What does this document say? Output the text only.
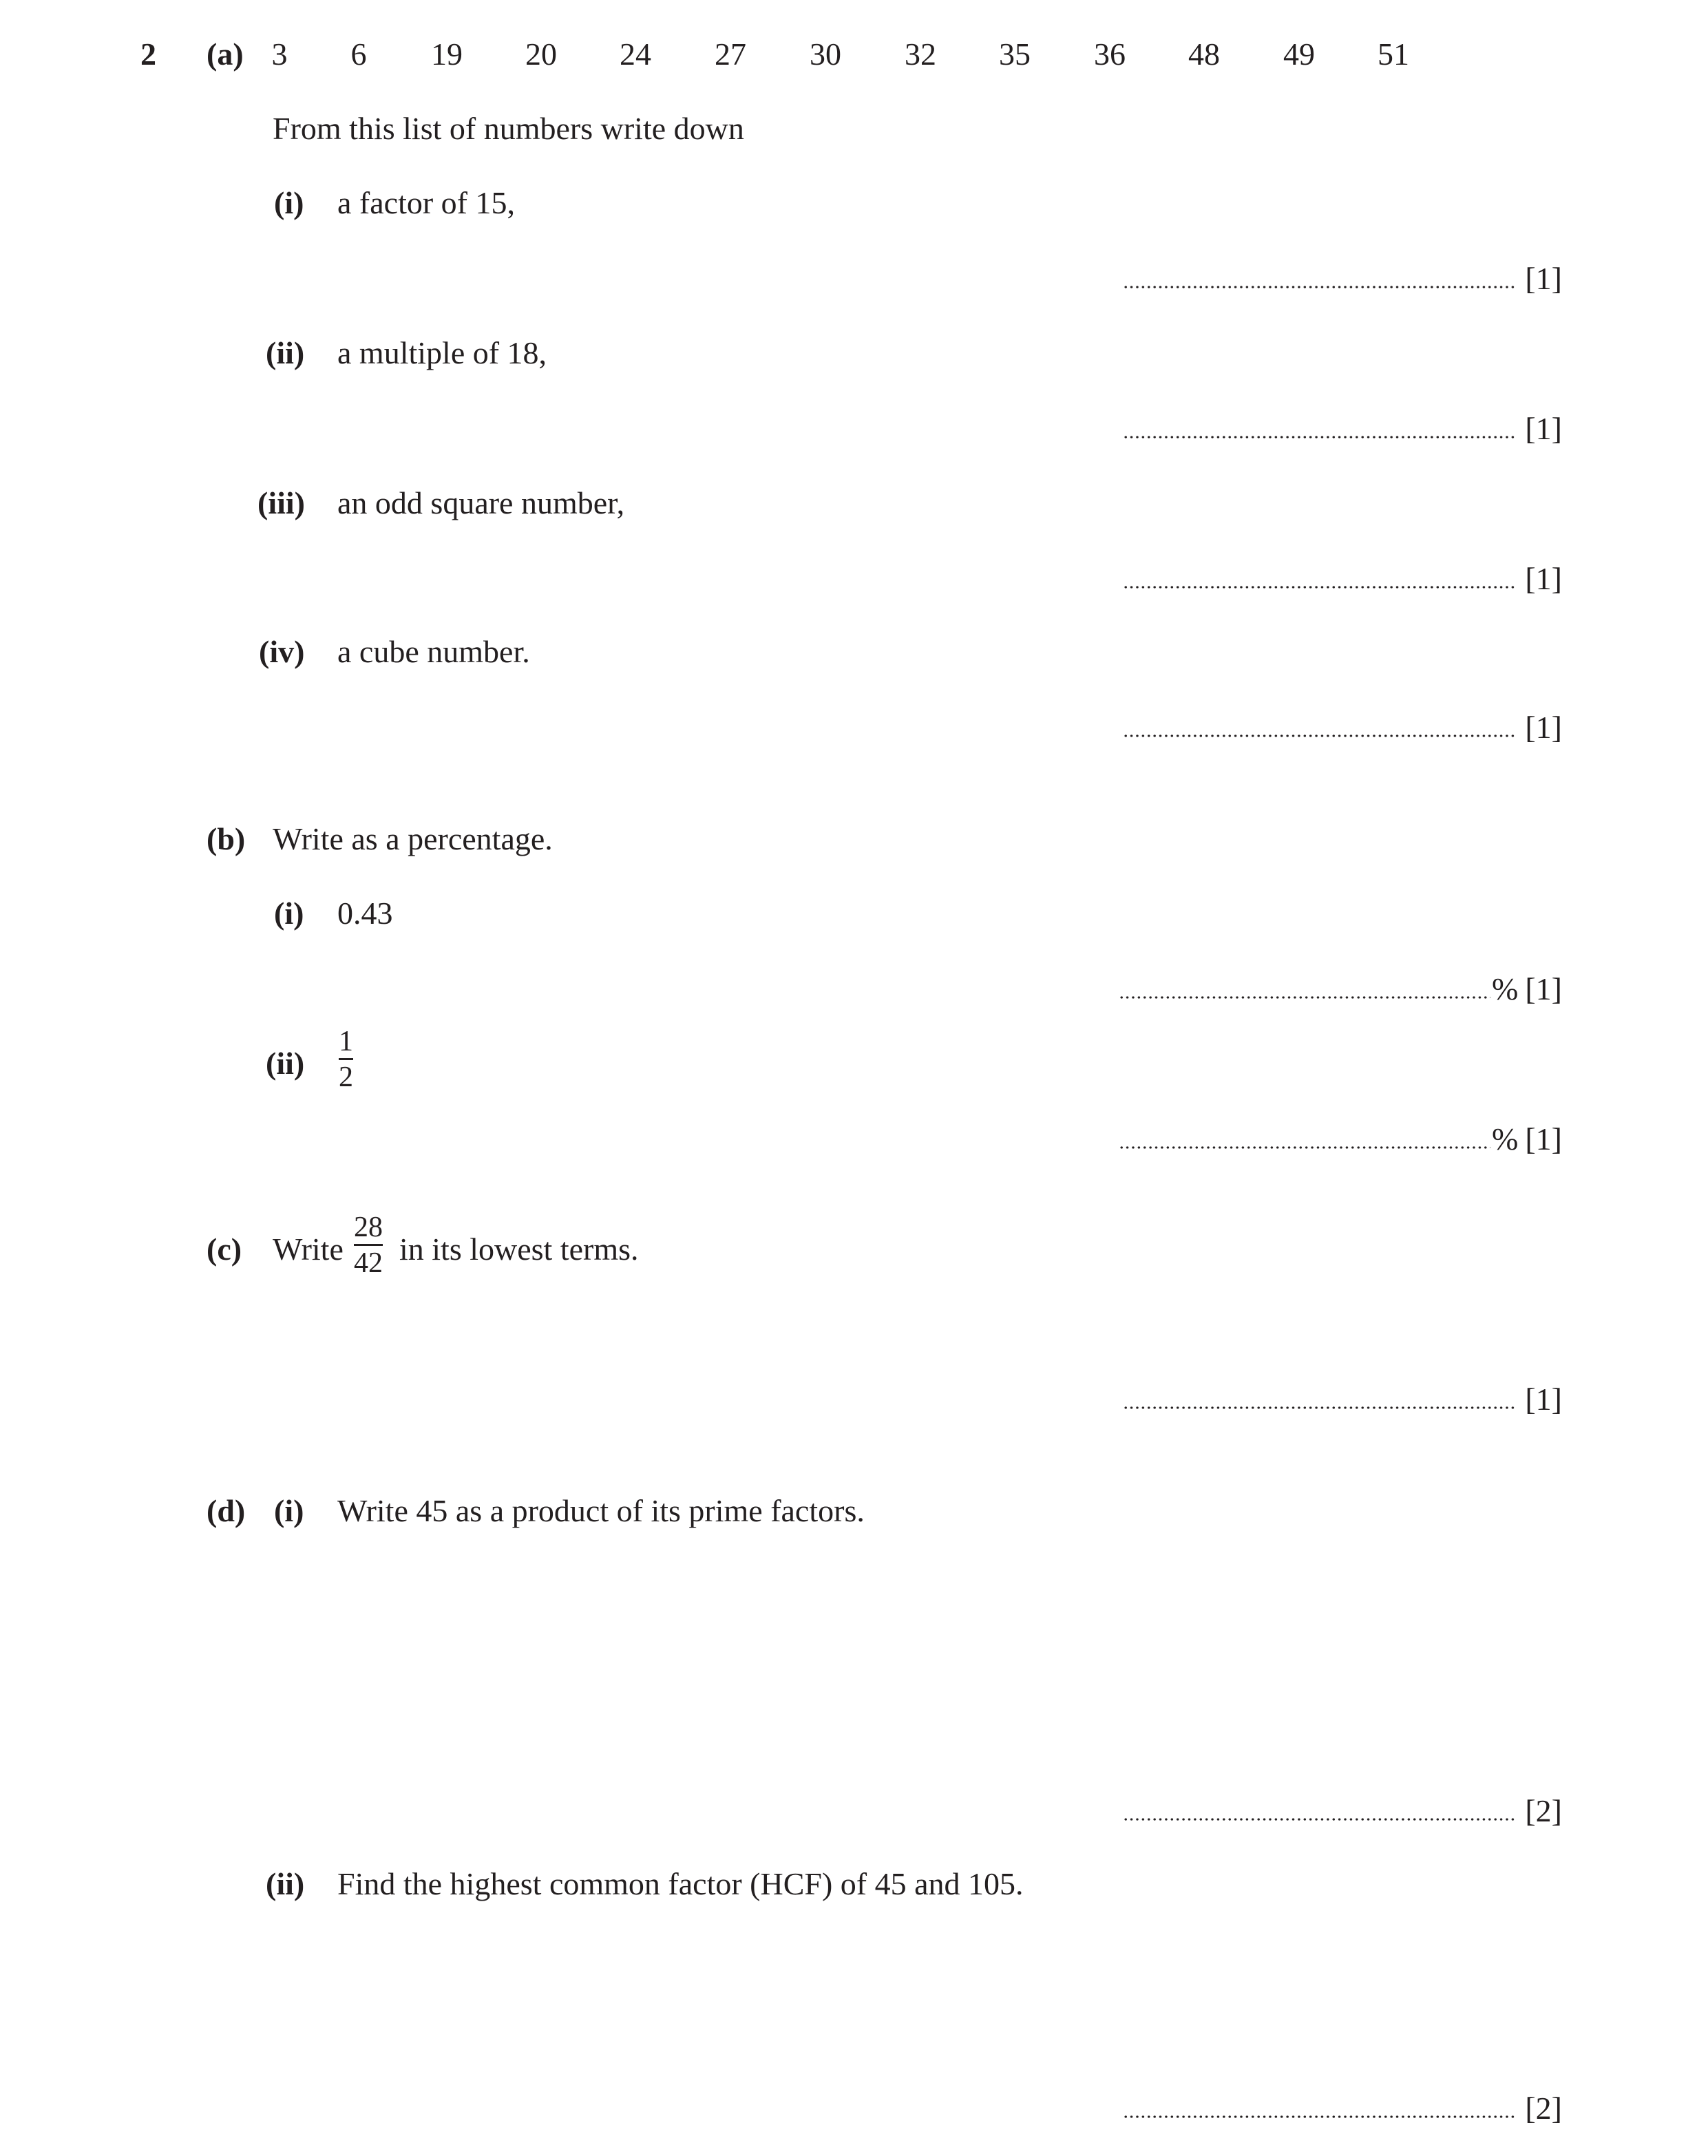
2 (a) 3 6 19 20 24 27 30 32 35 36 48 49 51
From this list of numbers write down
(i) a factor of 15,
[1]
(ii) a multiple of 18,
[1]
(iii) an odd square number,
[1]
(iv) a cube number.
[1]
(b) Write as a percentage.
(i) 0.43
% [1]
(ii)
1
2
% [1]
(c) Write
28
42 in its lowest terms.
[1]
(d) (i) Write 45 as a product of its prime factors.
[2]
(ii) Find the highest common factor (HCF) of 45 and 105.
[2]
